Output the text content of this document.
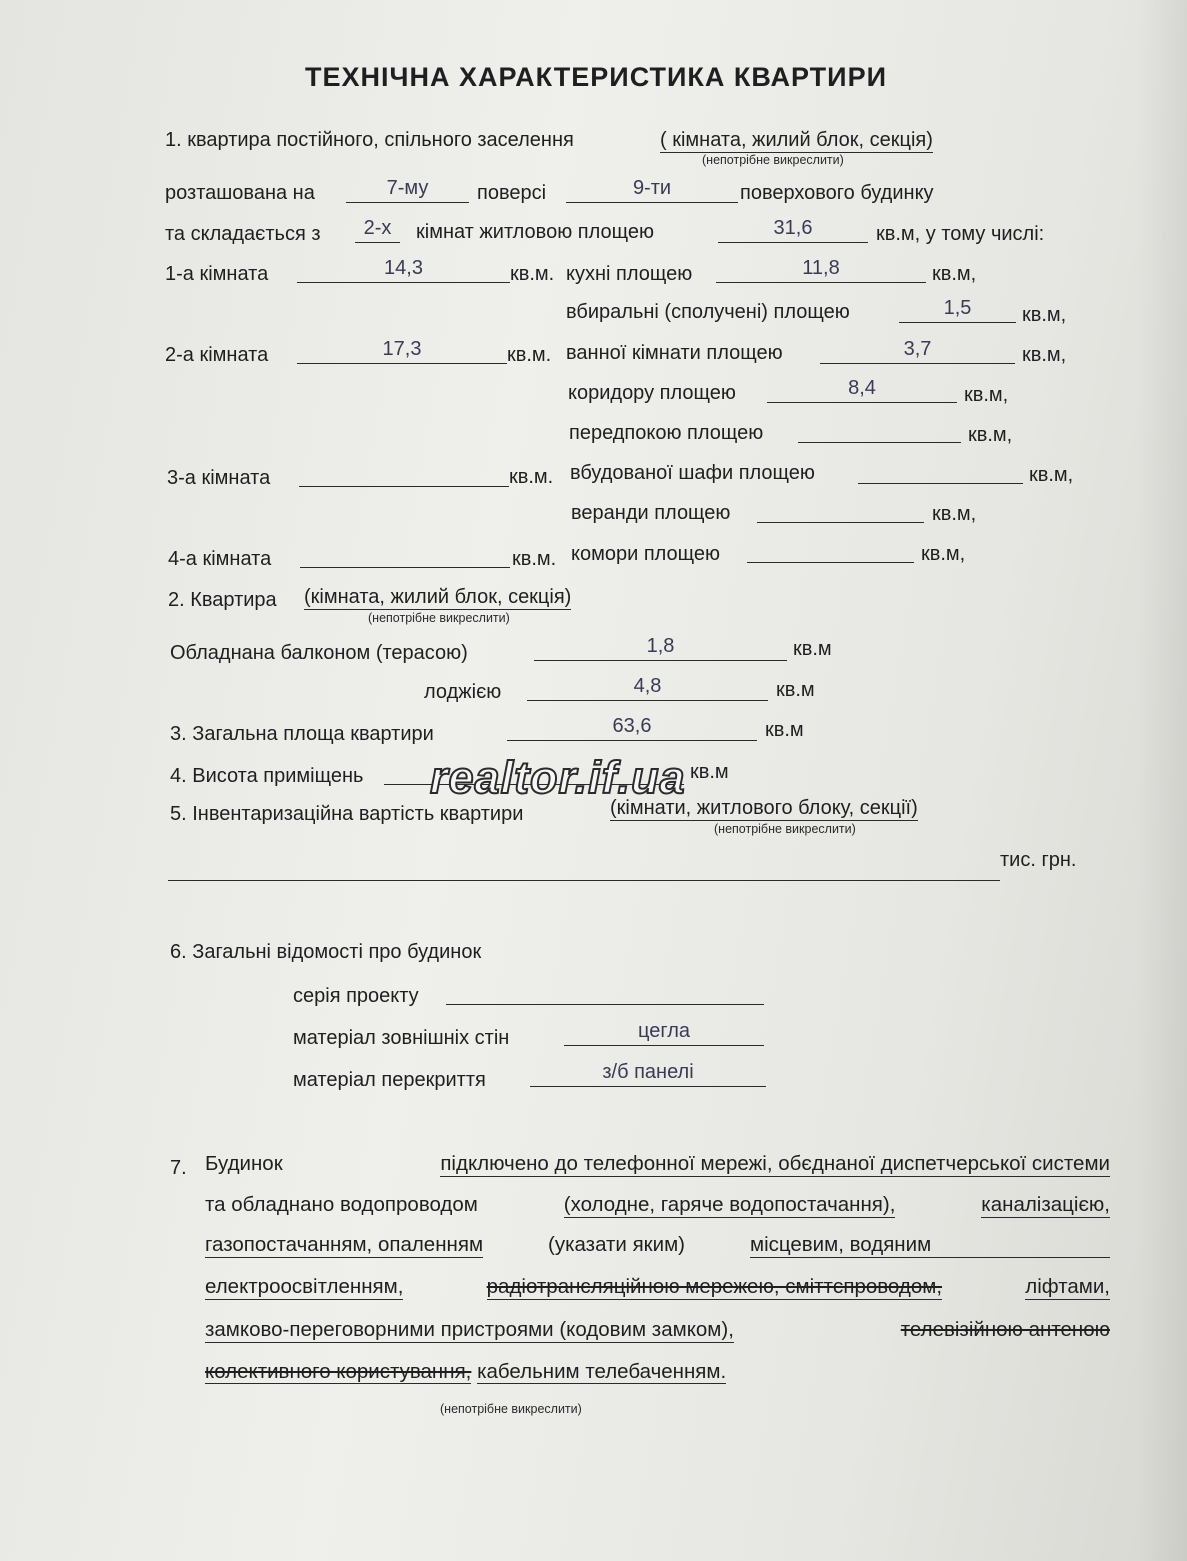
ТЕХНІЧНА ХАРАКТЕРИСТИКА КВАРТИРИ
1. квартира постійного, спільного заселення	( кімната, жилий блок, секція)
(непотрібне викреслити)
розташована на	7-му	поверсі	9-ти	поверхового будинку
та складається з	2-х	кімнат житловою площею	31,6	кв.м, у тому числі:
1-а кімната	14,3	кв.м.
2-а кімната	17,3	кв.м.
3-а кімната	кв.м.
4-а кімната	кв.м.
кухні площею	11,8	кв.м,
вбиральні (сполучені) площею	1,5	кв.м,
ванної кімнати площею	3,7	кв.м,
коридору площею	8,4	кв.м,
передпокою площею	кв.м,
вбудованої шафи площею	кв.м,
веранди площею	кв.м,
комори площею	кв.м,
2. Квартира (кімната, жилий блок, секція)
(непотрібне викреслити)
Обладнана балконом (терасою)	1,8	кв.м
лоджією	4,8	кв.м
3. Загальна площа квартири	63,6	кв.м
4. Висота приміщень	кв.м
5. Інвентаризаційна вартість квартири	(кімнати, житлового блоку, секції)
(непотрібне викреслити)
тис. грн.
6. Загальні відомості про будинок
серія проекту
матеріал зовнішніх стін	цегла
матеріал перекриття	з/б панелі
7. Будинок	підключено до телефонної мережі, обєднаної диспетчерської системи
та обладнано водопроводом	(холодне, гаряче водопостачання),	каналізацією,
газопостачанням, опаленням	(указати яким)	місцевим, водяним
електроосвітленням,	радіотрансляційною мережею, сміттєпроводом,	ліфтами,
замково-переговорними пристроями (кодовим замком),	телевізійною антеною
колективного користування, кабельним телебаченням.
(непотрібне викреслити)
realtor.if.ua
